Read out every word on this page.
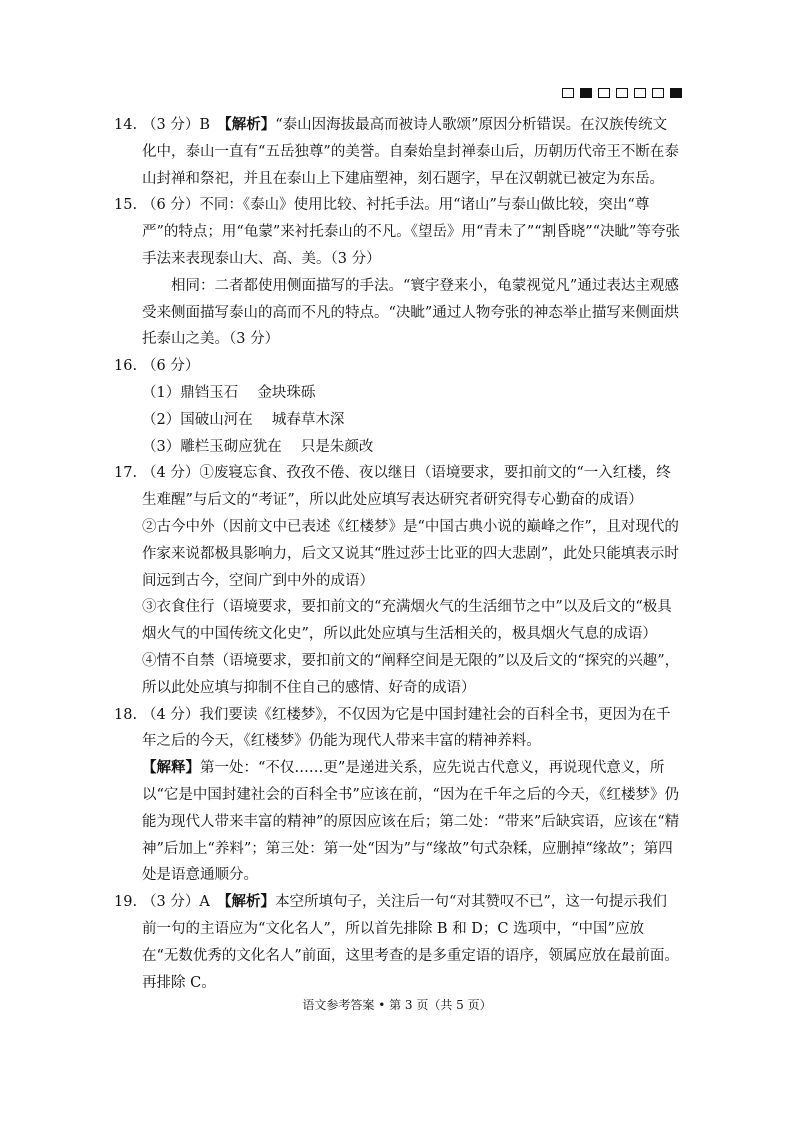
14. （3 分）B　【解析】“泰山因海拔最高而被诗人歌颂”原因分析错误。在汉族传统文化中，泰山一直有“五岳独尊”的美誉。自秦始皇封禅泰山后，历朝历代帝王不断在泰山封禅和祭祀，并且在泰山上下建庙塑神，刻石题字，早在汉朝就已被定为东岳。

15. （6 分）不同：《泰山》使用比较、衬托手法。用“诸山”与泰山做比较，突出“尊严”的特点；用“龟蒙”来衬托泰山的不凡。《望岳》用“青未了”“割昏晓”“决眦”等夸张手法来表现泰山大、高、美。（3 分）

相同：二者都使用侧面描写的手法。“寰宇登来小，龟蒙视觉凡”通过表达主观感受来侧面描写泰山的高而不凡的特点。“决眦”通过人物夸张的神态举止描写来侧面烘托泰山之美。（3 分）

16. （6 分）

（1）鼎铛玉石　 金块珠砾

（2）国破山河在　 城春草木深

（3）雕栏玉砌应犹在　 只是朱颜改

17. （4 分）①废寝忘食、孜孜不倦、夜以继日（语境要求，要扣前文的“一入红楼，终生难醒”与后文的“考证”，所以此处应填写表达研究者研究得专心勤奋的成语）

②古今中外（因前文中已表述《红楼梦》是“中国古典小说的巅峰之作”，且对现代的作家来说都极具影响力，后文又说其“胜过莎士比亚的四大悲剧”，此处只能填表示时间远到古今，空间广到中外的成语）

③衣食住行（语境要求，要扣前文的“充满烟火气的生活细节之中”以及后文的“极具烟火气的中国传统文化史”，所以此处应填与生活相关的，极具烟火气息的成语）

④情不自禁（语境要求，要扣前文的“阐释空间是无限的”以及后文的“探究的兴趣”，所以此处应填与抑制不住自己的感情、好奇的成语）

18. （4 分）我们要读《红楼梦》，不仅因为它是中国封建社会的百科全书，更因为在千年之后的今天，《红楼梦》仍能为现代人带来丰富的精神养料。

【解释】第一处：“不仅……更”是递进关系，应先说古代意义，再说现代意义，所以“它是中国封建社会的百科全书”应该在前，“因为在千年之后的今天，《红楼梦》仍能为现代人带来丰富的精神”的原因应该在后；第二处：“带来”后缺宾语，应该在“精神”后加上“养料”；第三处：第一处“因为”与“缘故”句式杂糅，应删掉“缘故”；第四处是语意通顺分。

19. （3 分）A　【解析】本空所填句子，关注后一句“对其赞叹不已”，这一句提示我们前一句的主语应为“文化名人”，所以首先排除 B 和 D；C 选项中，“中国”应放在“无数优秀的文化名人”前面，这里考查的是多重定语的语序，领属应放在最前面。再排除 C。

语文参考答案 • 第 3 页（共 5 页）
